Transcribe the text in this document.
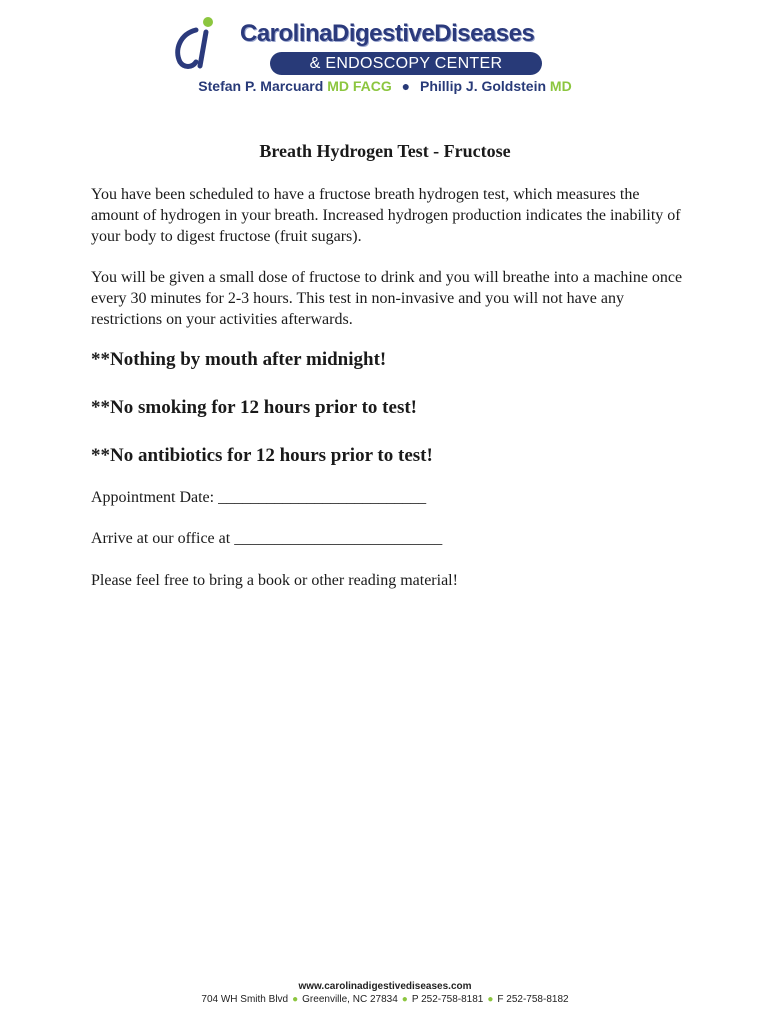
CarolinaDigestiveDiseases
& ENDOSCOPY CENTER
Stefan P. Marcuard MD FACG ● Phillip J. Goldstein MD
Breath Hydrogen Test - Fructose

You have been scheduled to have a fructose breath hydrogen test, which measures the amount of hydrogen in your breath. Increased hydrogen production indicates the inability of your body to digest fructose (fruit sugars).

You will be given a small dose of fructose to drink and you will breathe into a machine once every 30 minutes for 2-3 hours. This test in non-invasive and you will not have any restrictions on your activities afterwards.

**Nothing by mouth after midnight!

**No smoking for 12 hours prior to test!

**No antibiotics for 12 hours prior to test!

Appointment Date: __________________________

Arrive at our office at __________________________

Please feel free to bring a book or other reading material!

www.carolinadigestivediseases.com
704 WH Smith Blvd ● Greenville, NC 27834 ● P 252-758-8181 ● F 252-758-8182
